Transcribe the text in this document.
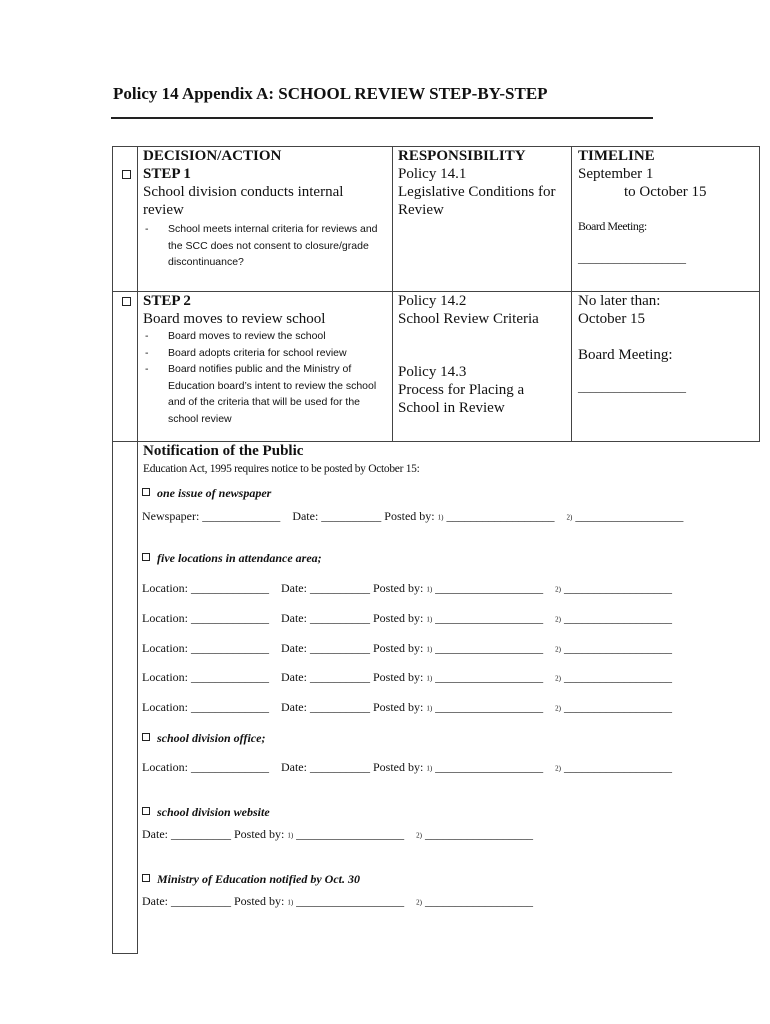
Policy 14 Appendix A: SCHOOL REVIEW STEP-BY-STEP
DECISION/ACTION	RESPONSIBILITY	TIMELINE
STEP 1
School division conducts internal review
- School meets internal criteria for reviews and the SCC does not consent to closure/grade discontinuance?
Policy 14.1
Legislative Conditions for Review
September 1
to October 15
Board Meeting:
__________________
STEP 2
Board moves to review school
- Board moves to review the school
- Board adopts criteria for school review
- Board notifies public and the Ministry of Education board’s intent to review the school and of the criteria that will be used for the school review
Policy 14.2
School Review Criteria
Policy 14.3
Process for Placing a School in Review
No later than:
October 15
Board Meeting:
__________________
Notification of the Public
Education Act, 1995 requires notice to be posted by October 15:
one issue of newspaper
Newspaper: _____________ Date: __________ Posted by: 1) __________________ 2) __________________
five locations in attendance area;
Location: _____________ Date: __________ Posted by: 1) __________________ 2) __________________
Location: _____________ Date: __________ Posted by: 1) __________________ 2) __________________
Location: _____________ Date: __________ Posted by: 1) __________________ 2) __________________
Location: _____________ Date: __________ Posted by: 1) __________________ 2) __________________
Location: _____________ Date: __________ Posted by: 1) __________________ 2) __________________
Location: _____________ Date: __________ Posted by: 1) __________________ 2) __________________
school division office;
school division website
Date: __________ Posted by: 1) __________________ 2) __________________
Ministry of Education notified by Oct. 30
Date: __________ Posted by: 1) __________________ 2) __________________
